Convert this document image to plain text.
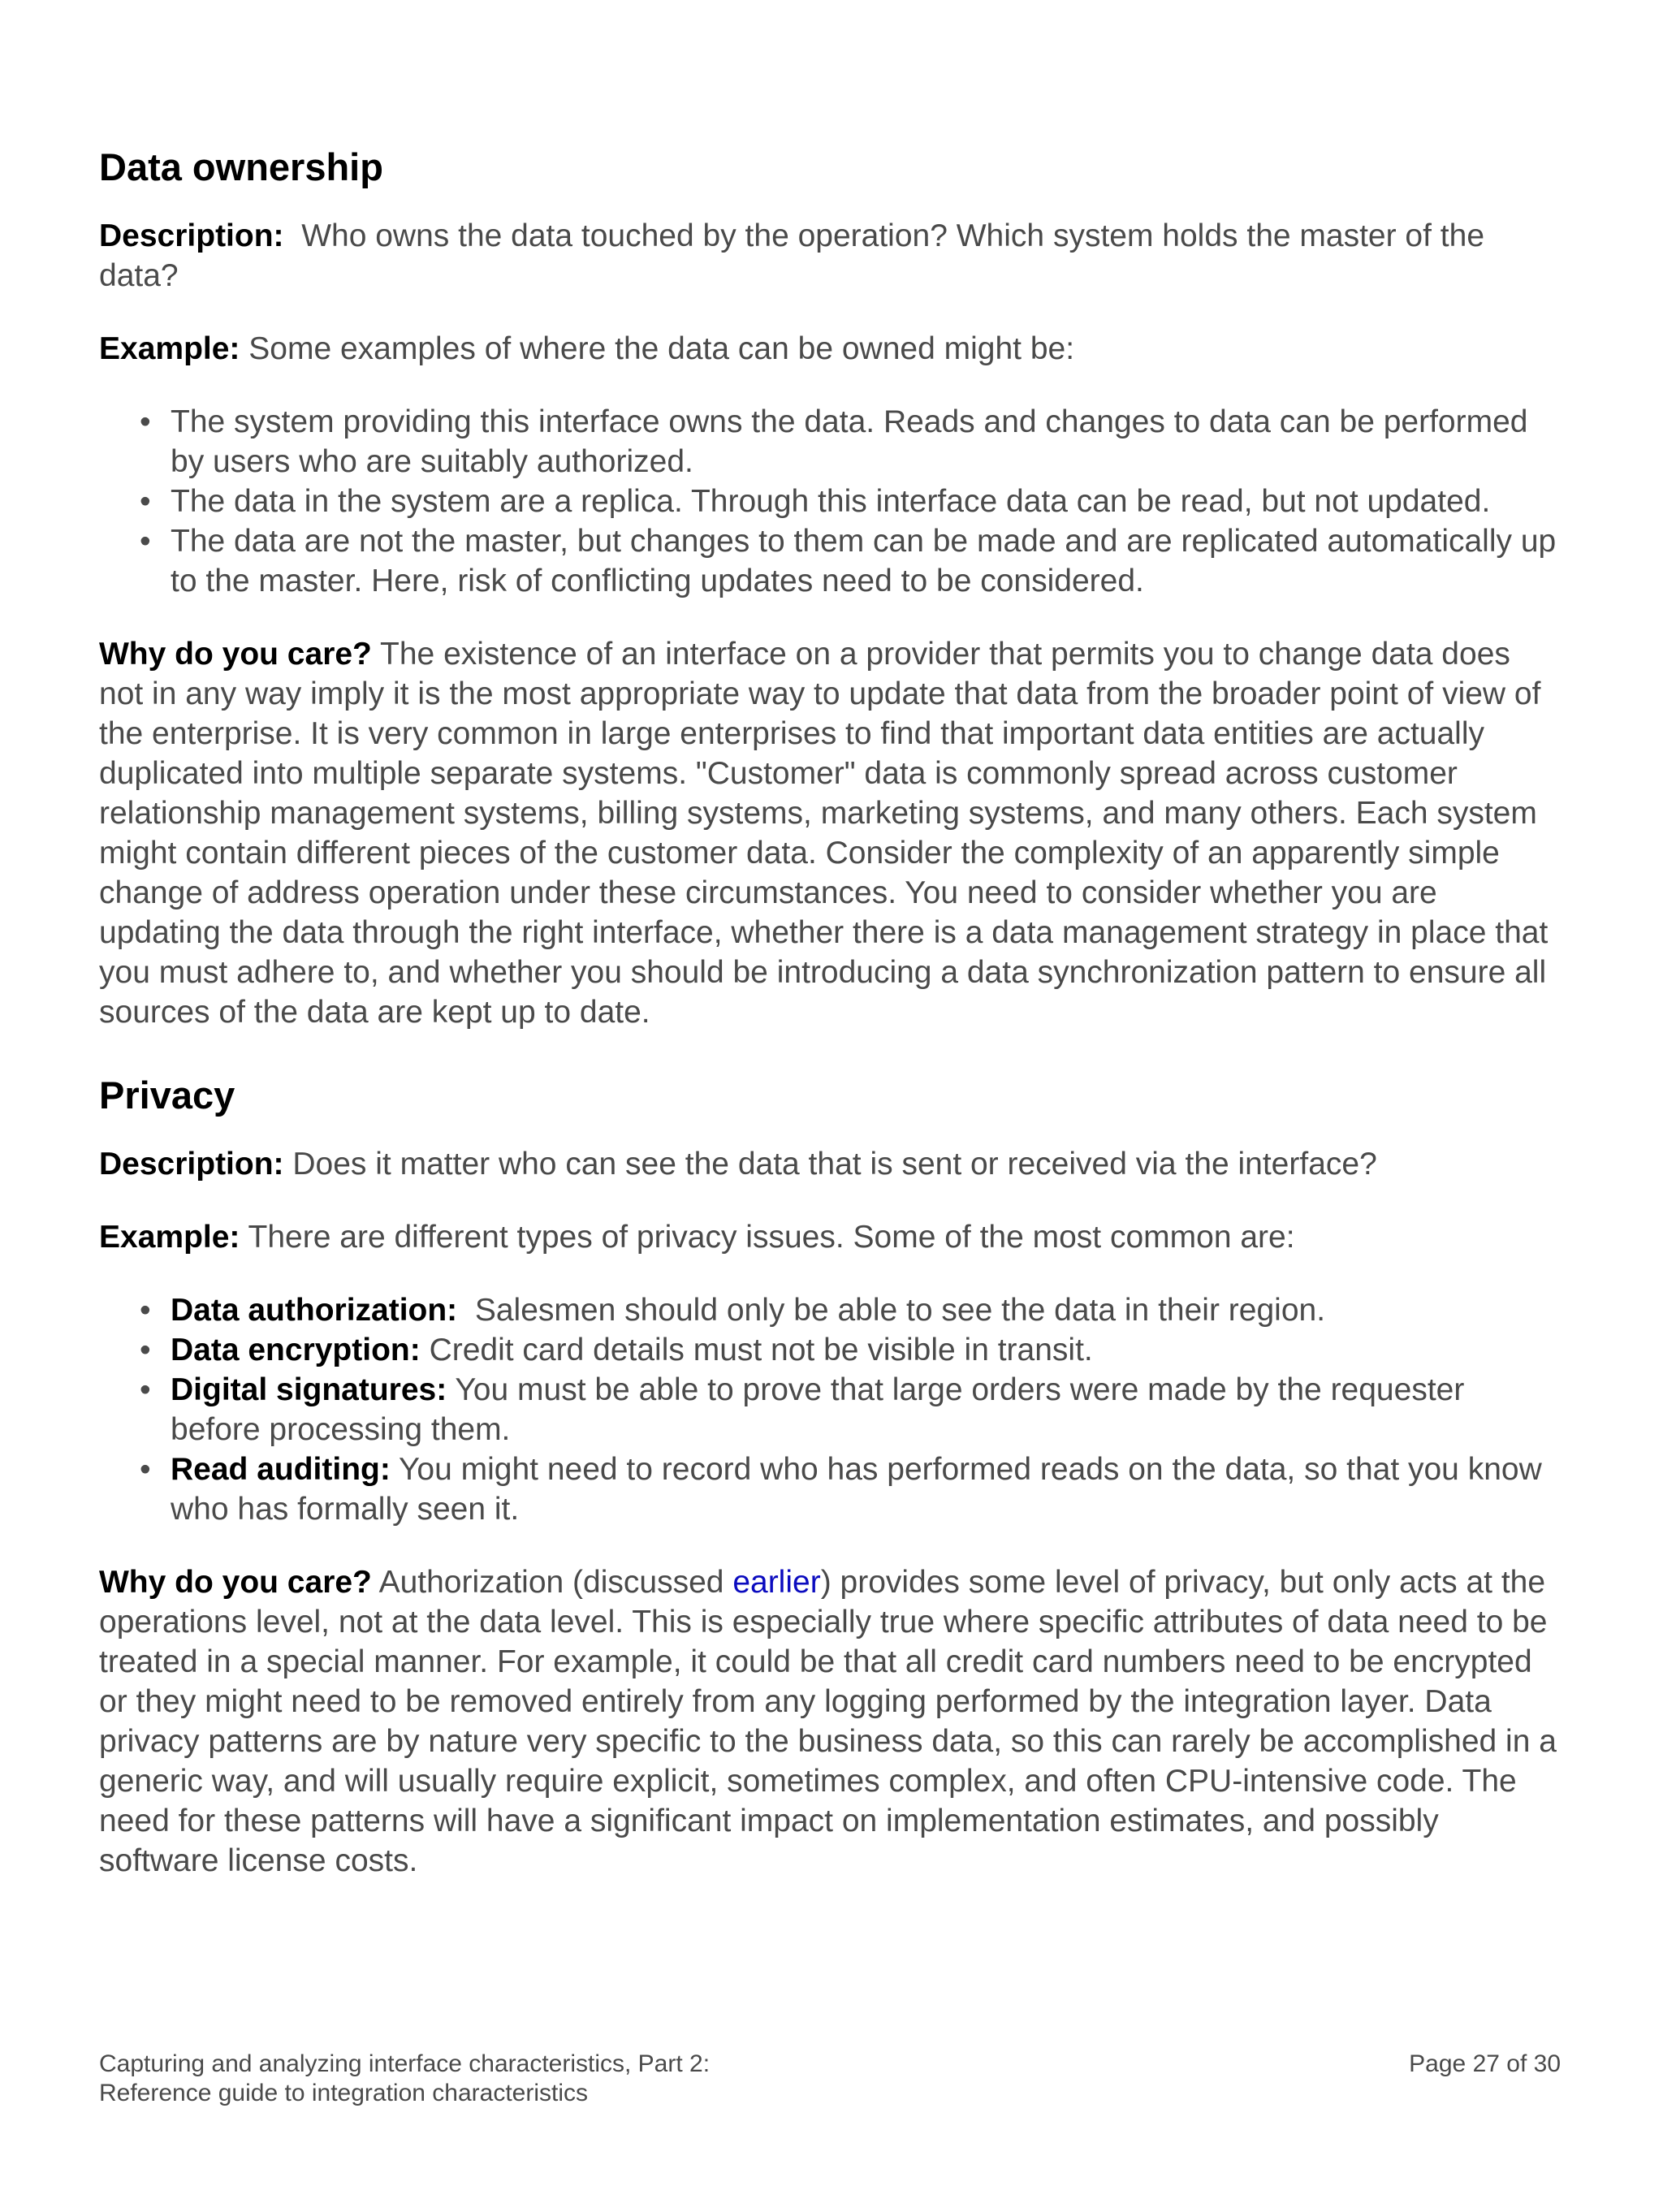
Data ownership

Description: Who owns the data touched by the operation? Which system holds the master of the data?

Example: Some examples of where the data can be owned might be:

• The system providing this interface owns the data. Reads and changes to data can be performed by users who are suitably authorized.
• The data in the system are a replica. Through this interface data can be read, but not updated.
• The data are not the master, but changes to them can be made and are replicated automatically up to the master. Here, risk of conflicting updates need to be considered.

Why do you care? The existence of an interface on a provider that permits you to change data does not in any way imply it is the most appropriate way to update that data from the broader point of view of the enterprise. It is very common in large enterprises to find that important data entities are actually duplicated into multiple separate systems. "Customer" data is commonly spread across customer relationship management systems, billing systems, marketing systems, and many others. Each system might contain different pieces of the customer data. Consider the complexity of an apparently simple change of address operation under these circumstances. You need to consider whether you are updating the data through the right interface, whether there is a data management strategy in place that you must adhere to, and whether you should be introducing a data synchronization pattern to ensure all sources of the data are kept up to date.

Privacy

Description: Does it matter who can see the data that is sent or received via the interface?

Example: There are different types of privacy issues. Some of the most common are:

• Data authorization: Salesmen should only be able to see the data in their region.
• Data encryption: Credit card details must not be visible in transit.
• Digital signatures: You must be able to prove that large orders were made by the requester before processing them.
• Read auditing: You might need to record who has performed reads on the data, so that you know who has formally seen it.

Why do you care? Authorization (discussed earlier) provides some level of privacy, but only acts at the operations level, not at the data level. This is especially true where specific attributes of data need to be treated in a special manner. For example, it could be that all credit card numbers need to be encrypted or they might need to be removed entirely from any logging performed by the integration layer. Data privacy patterns are by nature very specific to the business data, so this can rarely be accomplished in a generic way, and will usually require explicit, sometimes complex, and often CPU-intensive code. The need for these patterns will have a significant impact on implementation estimates, and possibly software license costs.

Capturing and analyzing interface characteristics, Part 2:
Reference guide to integration characteristics
Page 27 of 30
